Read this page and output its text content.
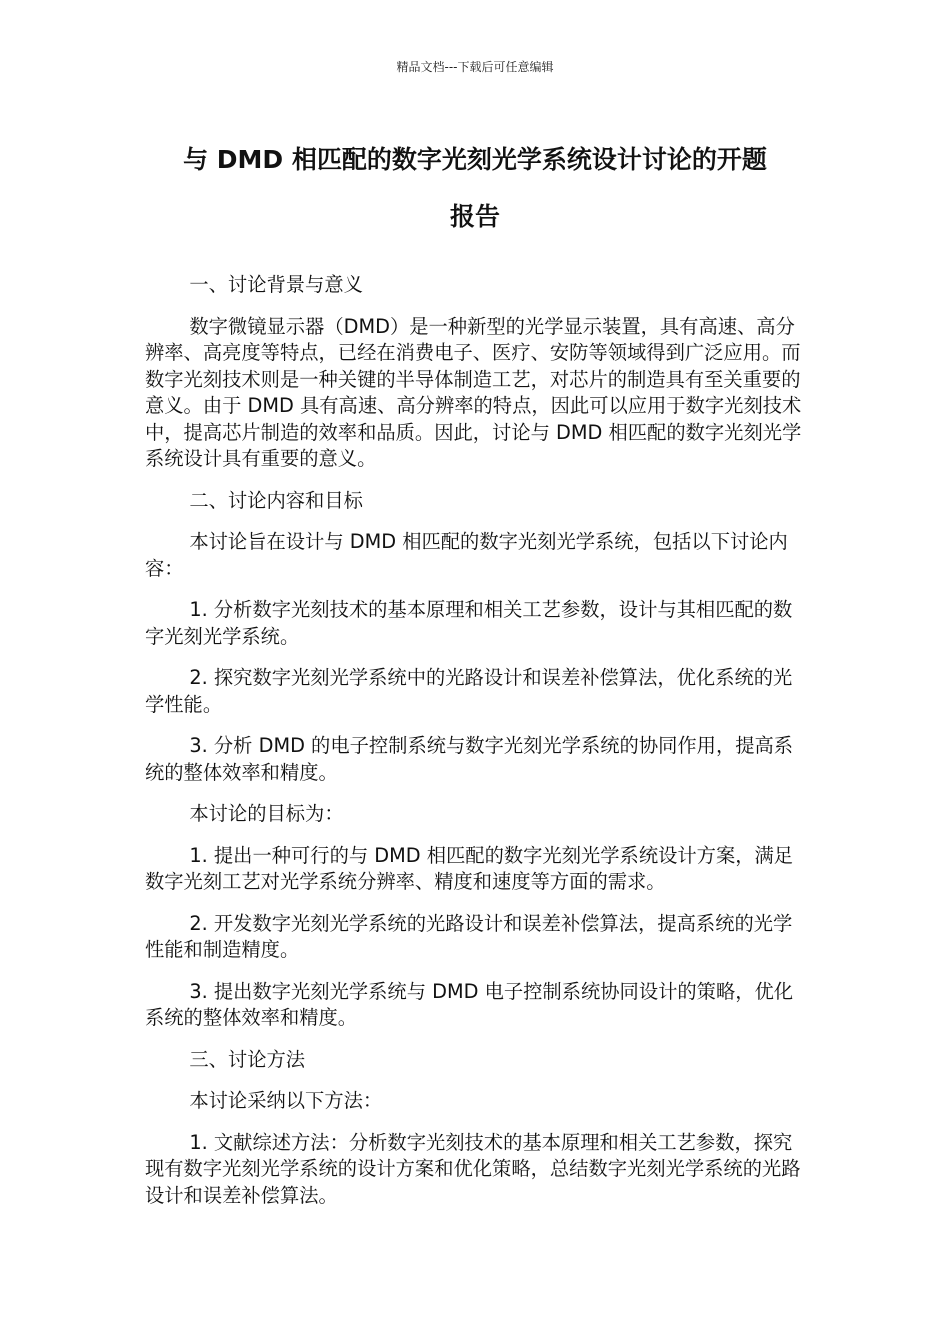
精品文档---下载后可任意编辑
与 DMD 相匹配的数字光刻光学系统设计讨论的开题
报告

一、讨论背景与意义

数字微镜显示器（DMD）是一种新型的光学显示装置，具有高速、高分辨率、高亮度等特点，已经在消费电子、医疗、安防等领域得到广泛应用。而数字光刻技术则是一种关键的半导体制造工艺，对芯片的制造具有至关重要的意义。由于 DMD 具有高速、高分辨率的特点，因此可以应用于数字光刻技术中，提高芯片制造的效率和品质。因此，讨论与 DMD 相匹配的数字光刻光学系统设计具有重要的意义。

二、讨论内容和目标

本讨论旨在设计与 DMD 相匹配的数字光刻光学系统，包括以下讨论内容：

1. 分析数字光刻技术的基本原理和相关工艺参数，设计与其相匹配的数字光刻光学系统。

2. 探究数字光刻光学系统中的光路设计和误差补偿算法，优化系统的光学性能。

3. 分析 DMD 的电子控制系统与数字光刻光学系统的协同作用，提高系统的整体效率和精度。

本讨论的目标为：

1. 提出一种可行的与 DMD 相匹配的数字光刻光学系统设计方案，满足数字光刻工艺对光学系统分辨率、精度和速度等方面的需求。

2. 开发数字光刻光学系统的光路设计和误差补偿算法，提高系统的光学性能和制造精度。

3. 提出数字光刻光学系统与 DMD 电子控制系统协同设计的策略，优化系统的整体效率和精度。

三、讨论方法

本讨论采纳以下方法：

1. 文献综述方法：分析数字光刻技术的基本原理和相关工艺参数，探究现有数字光刻光学系统的设计方案和优化策略，总结数字光刻光学系统的光路设计和误差补偿算法。
